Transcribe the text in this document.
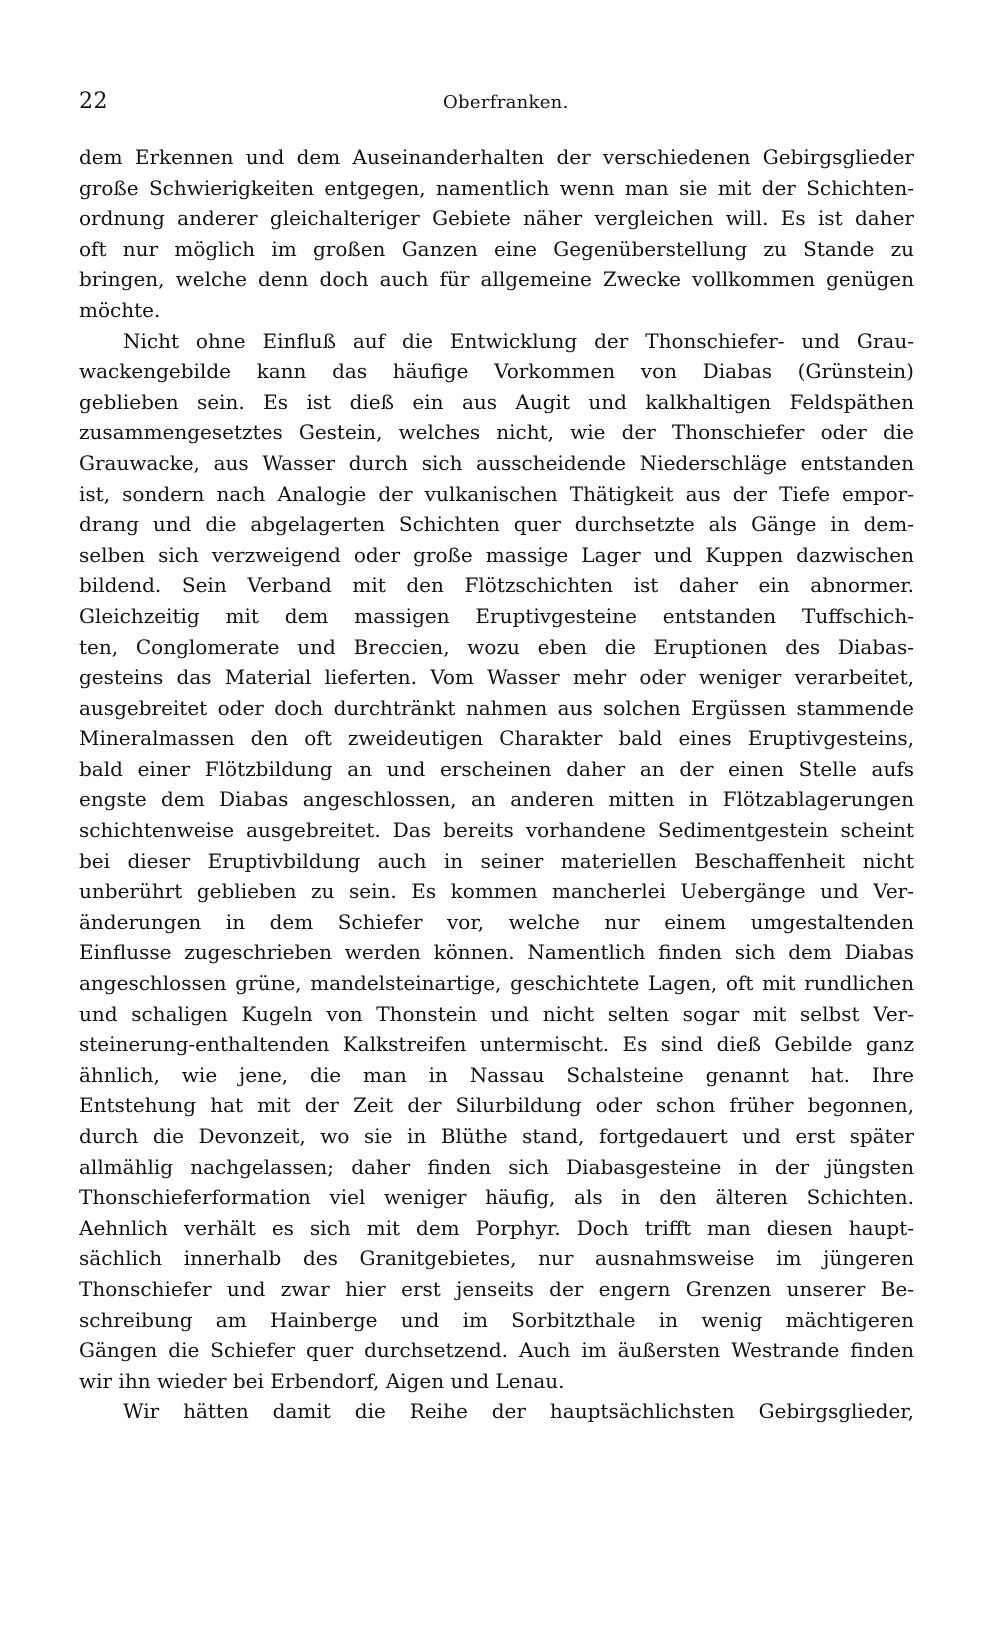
22	Oberfranken.
dem Erkennen und dem Auseinanderhalten der verschiedenen Gebirgsglieder
große Schwierigkeiten entgegen, namentlich wenn man sie mit der Schichten-
ordnung anderer gleichalteriger Gebiete näher vergleichen will. Es ist daher
oft nur möglich im großen Ganzen eine Gegenüberstellung zu Stande zu
bringen, welche denn doch auch für allgemeine Zwecke vollkommen genügen
möchte.
Nicht ohne Einfluß auf die Entwicklung der Thonschiefer- und Grau-
wackengebilde kann das häufige Vorkommen von Diabas (Grünstein)
geblieben sein. Es ist dieß ein aus Augit und kalkhaltigen Feldspäthen
zusammengesetztes Gestein, welches nicht, wie der Thonschiefer oder die
Grauwacke, aus Wasser durch sich ausscheidende Niederschläge entstanden
ist, sondern nach Analogie der vulkanischen Thätigkeit aus der Tiefe empor-
drang und die abgelagerten Schichten quer durchsetzte als Gänge in dem-
selben sich verzweigend oder große massige Lager und Kuppen dazwischen
bildend. Sein Verband mit den Flötzschichten ist daher ein abnormer.
Gleichzeitig mit dem massigen Eruptivgesteine entstanden Tuffschich-
ten, Conglomerate und Breccien, wozu eben die Eruptionen des Diabas-
gesteins das Material lieferten. Vom Wasser mehr oder weniger verarbeitet,
ausgebreitet oder doch durchtränkt nahmen aus solchen Ergüssen stammende
Mineralmassen den oft zweideutigen Charakter bald eines Eruptivgesteins,
bald einer Flötzbildung an und erscheinen daher an der einen Stelle aufs
engste dem Diabas angeschlossen, an anderen mitten in Flötzablagerungen
schichtenweise ausgebreitet. Das bereits vorhandene Sedimentgestein scheint
bei dieser Eruptivbildung auch in seiner materiellen Beschaffenheit nicht
unberührt geblieben zu sein. Es kommen mancherlei Uebergänge und Ver-
änderungen in dem Schiefer vor, welche nur einem umgestaltenden
Einflusse zugeschrieben werden können. Namentlich finden sich dem Diabas
angeschlossen grüne, mandelsteinartige, geschichtete Lagen, oft mit rundlichen
und schaligen Kugeln von Thonstein und nicht selten sogar mit selbst Ver-
steinerung-enthaltenden Kalkstreifen untermischt. Es sind dieß Gebilde ganz
ähnlich, wie jene, die man in Nassau Schalsteine genannt hat. Ihre
Entstehung hat mit der Zeit der Silurbildung oder schon früher begonnen,
durch die Devonzeit, wo sie in Blüthe stand, fortgedauert und erst später
allmählig nachgelassen; daher finden sich Diabasgesteine in der jüngsten
Thonschieferformation viel weniger häufig, als in den älteren Schichten.
Aehnlich verhält es sich mit dem Porphyr. Doch trifft man diesen haupt-
sächlich innerhalb des Granitgebietes, nur ausnahmsweise im jüngeren
Thonschiefer und zwar hier erst jenseits der engern Grenzen unserer Be-
schreibung am Hainberge und im Sorbitzthale in wenig mächtigeren
Gängen die Schiefer quer durchsetzend. Auch im äußersten Westrande finden
wir ihn wieder bei Erbendorf, Aigen und Lenau.
Wir hätten damit die Reihe der hauptsächlichsten Gebirgsglieder,
